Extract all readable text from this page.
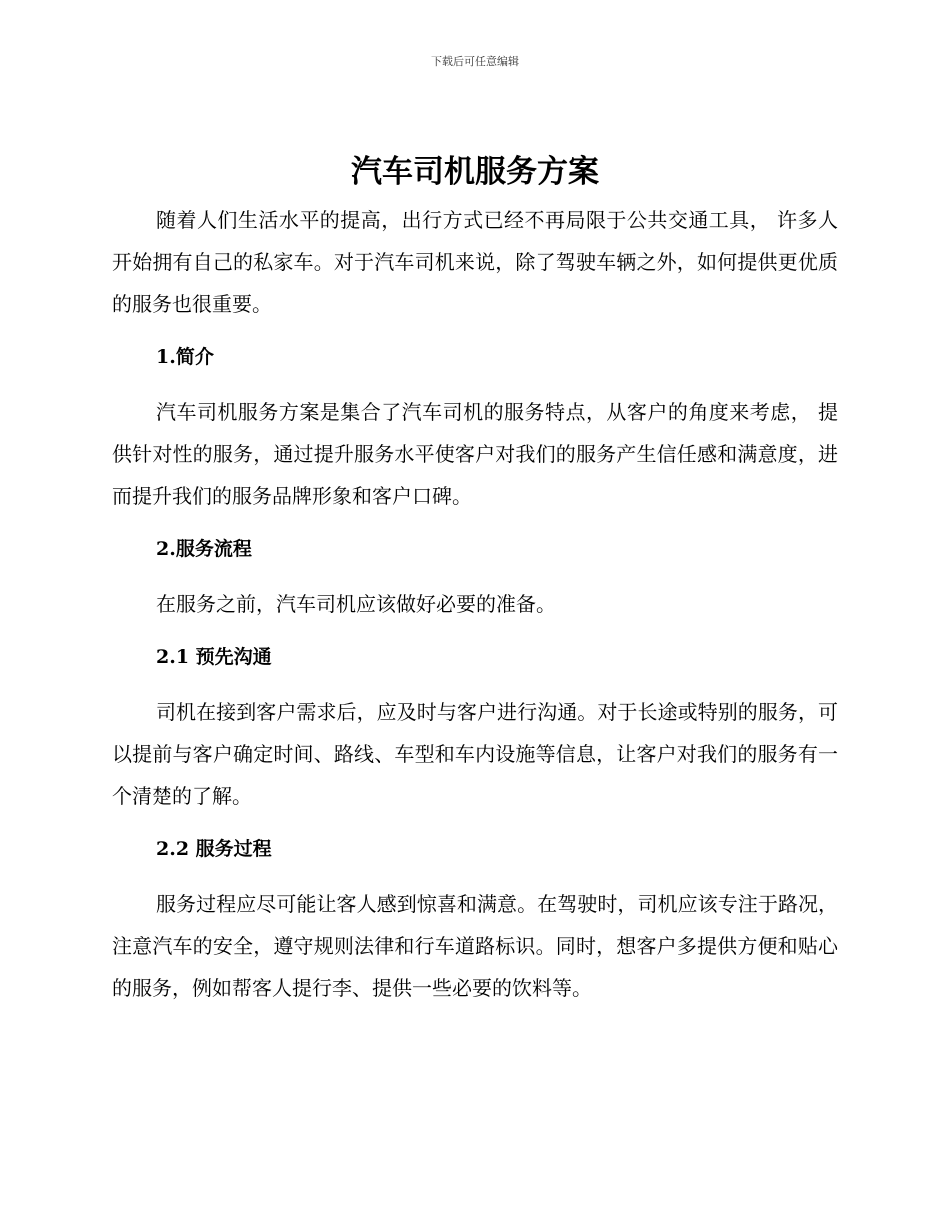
下载后可任意编辑
汽车司机服务方案

随着人们生活水平的提高，出行方式已经不再局限于公共交通工具， 许多人开始拥有自己的私家车。对于汽车司机来说，除了驾驶车辆之外，如何提供更优质的服务也很重要。

1.简介

汽车司机服务方案是集合了汽车司机的服务特点，从客户的角度来考虑， 提供针对性的服务，通过提升服务水平使客户对我们的服务产生信任感和满意度，进而提升我们的服务品牌形象和客户口碑。

2.服务流程

在服务之前，汽车司机应该做好必要的准备。

2.1 预先沟通

司机在接到客户需求后，应及时与客户进行沟通。对于长途或特别的服务，可以提前与客户确定时间、路线、车型和车内设施等信息，让客户对我们的服务有一个清楚的了解。

2.2 服务过程

服务过程应尽可能让客人感到惊喜和满意。在驾驶时，司机应该专注于路况，注意汽车的安全，遵守规则法律和行车道路标识。同时，想客户多提供方便和贴心的服务，例如帮客人提行李、提供一些必要的饮料等。
